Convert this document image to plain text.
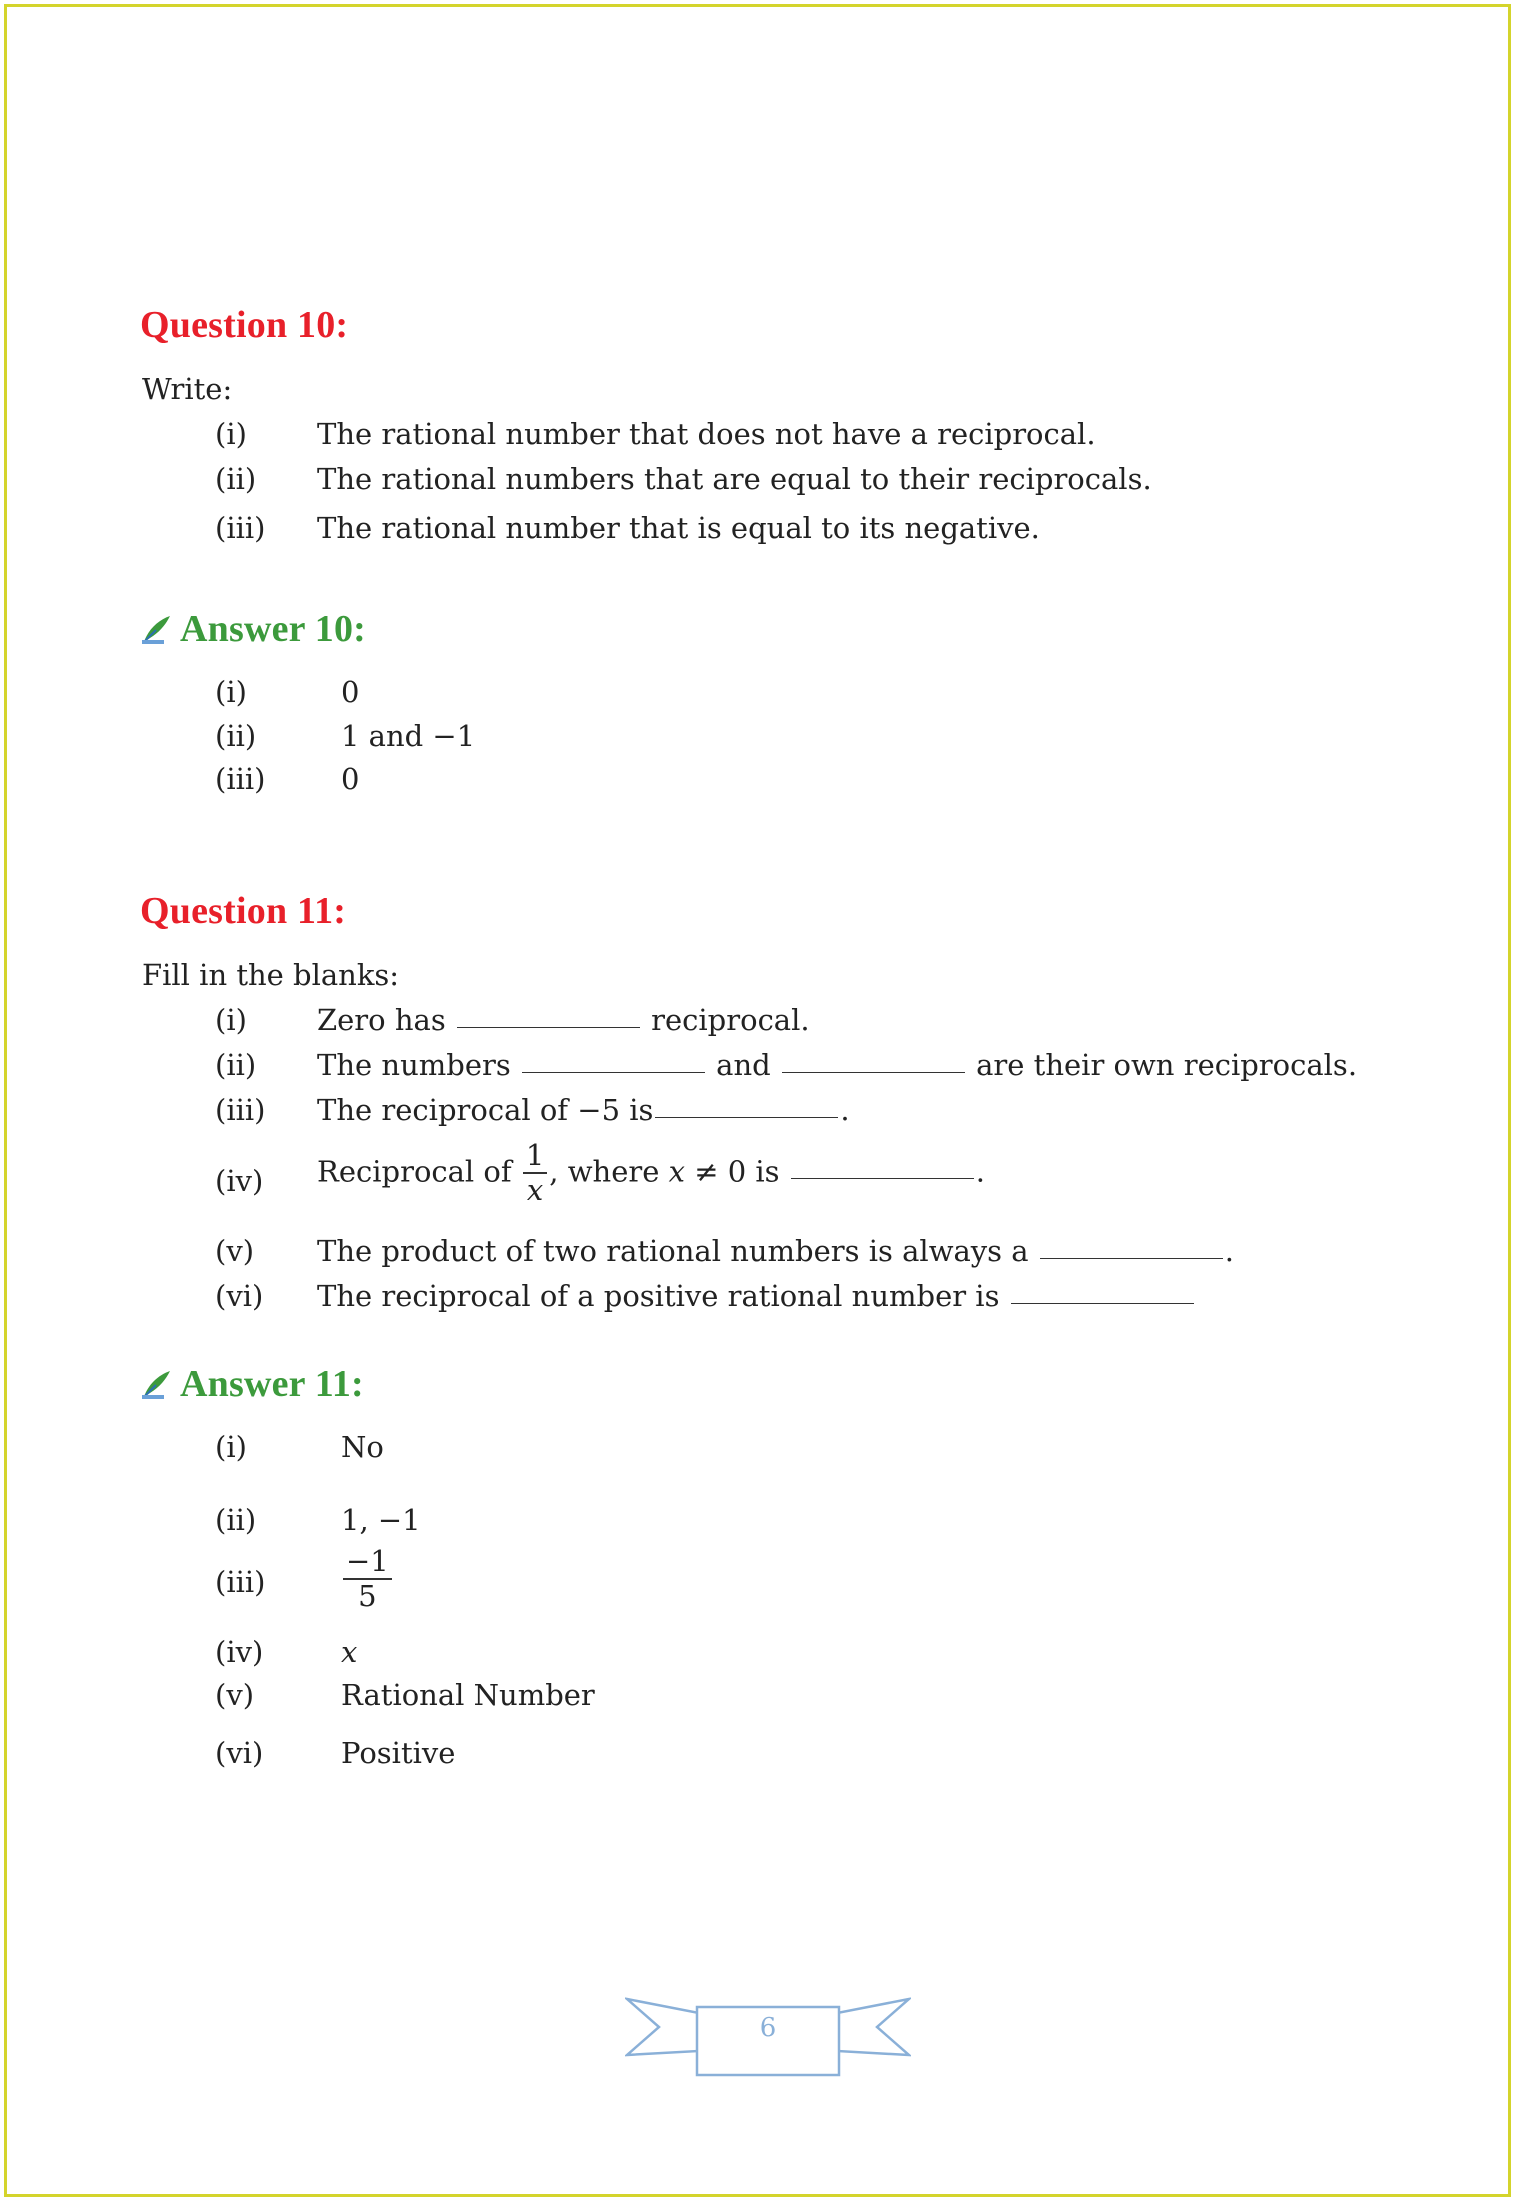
Question 10:
Write:
(i) The rational number that does not have a reciprocal.
(ii) The rational numbers that are equal to their reciprocals.
(iii) The rational number that is equal to its negative.
Answer 10:
(i)	0
(ii)	1 and −1
(iii)	0
Question 11:
Fill in the blanks:
(i) Zero has	reciprocal.
(ii) The numbers	and	are their own reciprocals.
(iii) The reciprocal of −5 is	.
(iv) Reciprocal of $\frac{1}{x}$ , where x ≠ 0 is	.
(v) The product of two rational numbers is always a	.
(vi) The reciprocal of a positive rational number is
Answer 11:
(i)	No
(ii)	1, −1
(iii)	$\frac{-1}{5}$
(iv)	x
(v)	Rational Number
(vi)	Positive
6
